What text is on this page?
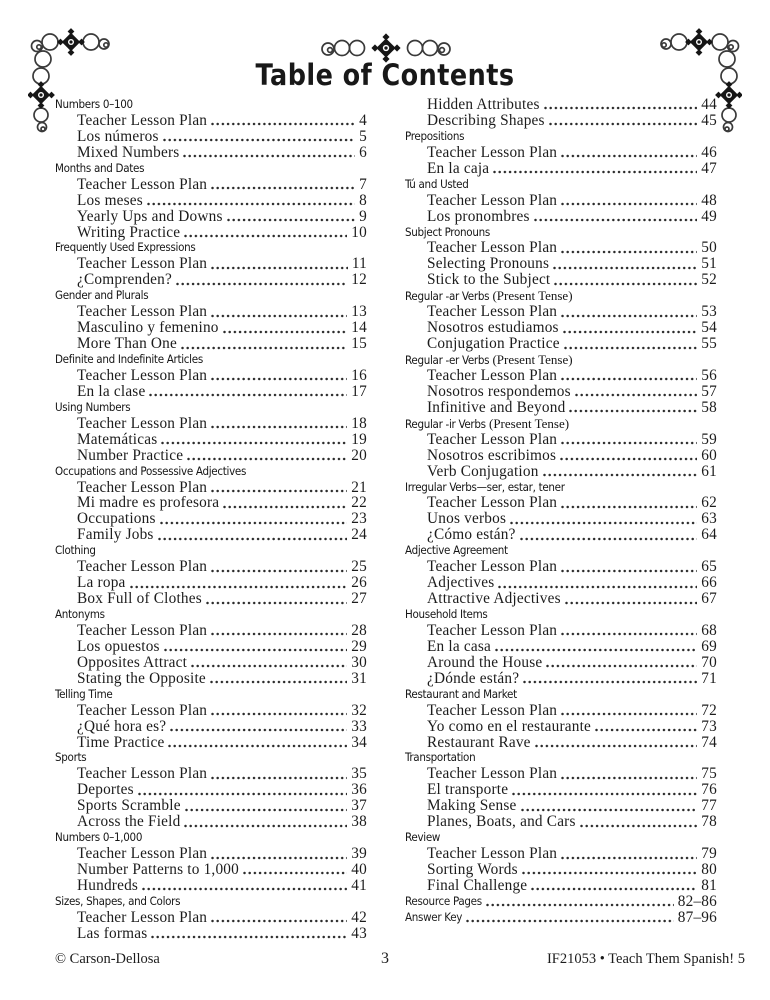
Table of Contents
Numbers 0–100
Teacher Lesson Plan	4
Los números	5
Mixed Numbers	6
Months and Dates
Teacher Lesson Plan	7
Los meses	8
Yearly Ups and Downs	9
Writing Practice	10
Frequently Used Expressions
Teacher Lesson Plan	11
¿Comprenden?	12
Gender and Plurals
Teacher Lesson Plan	13
Masculino y femenino	14
More Than One	15
Definite and Indefinite Articles
Teacher Lesson Plan	16
En la clase	17
Using Numbers
Teacher Lesson Plan	18
Matemáticas	19
Number Practice	20
Occupations and Possessive Adjectives
Teacher Lesson Plan	21
Mi madre es profesora	22
Occupations	23
Family Jobs	24
Clothing
Teacher Lesson Plan	25
La ropa	26
Box Full of Clothes	27
Antonyms
Teacher Lesson Plan	28
Los opuestos	29
Opposites Attract	30
Stating the Opposite	31
Telling Time
Teacher Lesson Plan	32
¿Qué hora es?	33
Time Practice	34
Sports
Teacher Lesson Plan	35
Deportes	36
Sports Scramble	37
Across the Field	38
Numbers 0–1,000
Teacher Lesson Plan	39
Number Patterns to 1,000	40
Hundreds	41
Sizes, Shapes, and Colors
Teacher Lesson Plan	42
Las formas	43
Hidden Attributes	44
Describing Shapes	45
Prepositions
Teacher Lesson Plan	46
En la caja	47
Tú and Usted
Teacher Lesson Plan	48
Los pronombres	49
Subject Pronouns
Teacher Lesson Plan	50
Selecting Pronouns	51
Stick to the Subject	52
Regular -ar Verbs (Present Tense)
Teacher Lesson Plan	53
Nosotros estudiamos	54
Conjugation Practice	55
Regular -er Verbs (Present Tense)
Teacher Lesson Plan	56
Nosotros respondemos	57
Infinitive and Beyond	58
Regular -ir Verbs (Present Tense)
Teacher Lesson Plan	59
Nosotros escribimos	60
Verb Conjugation	61
Irregular Verbs—ser, estar, tener
Teacher Lesson Plan	62
Unos verbos	63
¿Cómo están?	64
Adjective Agreement
Teacher Lesson Plan	65
Adjectives	66
Attractive Adjectives	67
Household Items
Teacher Lesson Plan	68
En la casa	69
Around the House	70
¿Dónde están?	71
Restaurant and Market
Teacher Lesson Plan	72
Yo como en el restaurante	73
Restaurant Rave	74
Transportation
Teacher Lesson Plan	75
El transporte	76
Making Sense	77
Planes, Boats, and Cars	78
Review
Teacher Lesson Plan	79
Sorting Words	80
Final Challenge	81
Resource Pages	82–86
Answer Key	87–96
© Carson-Dellosa	3	IF21053 • Teach Them Spanish! 5
